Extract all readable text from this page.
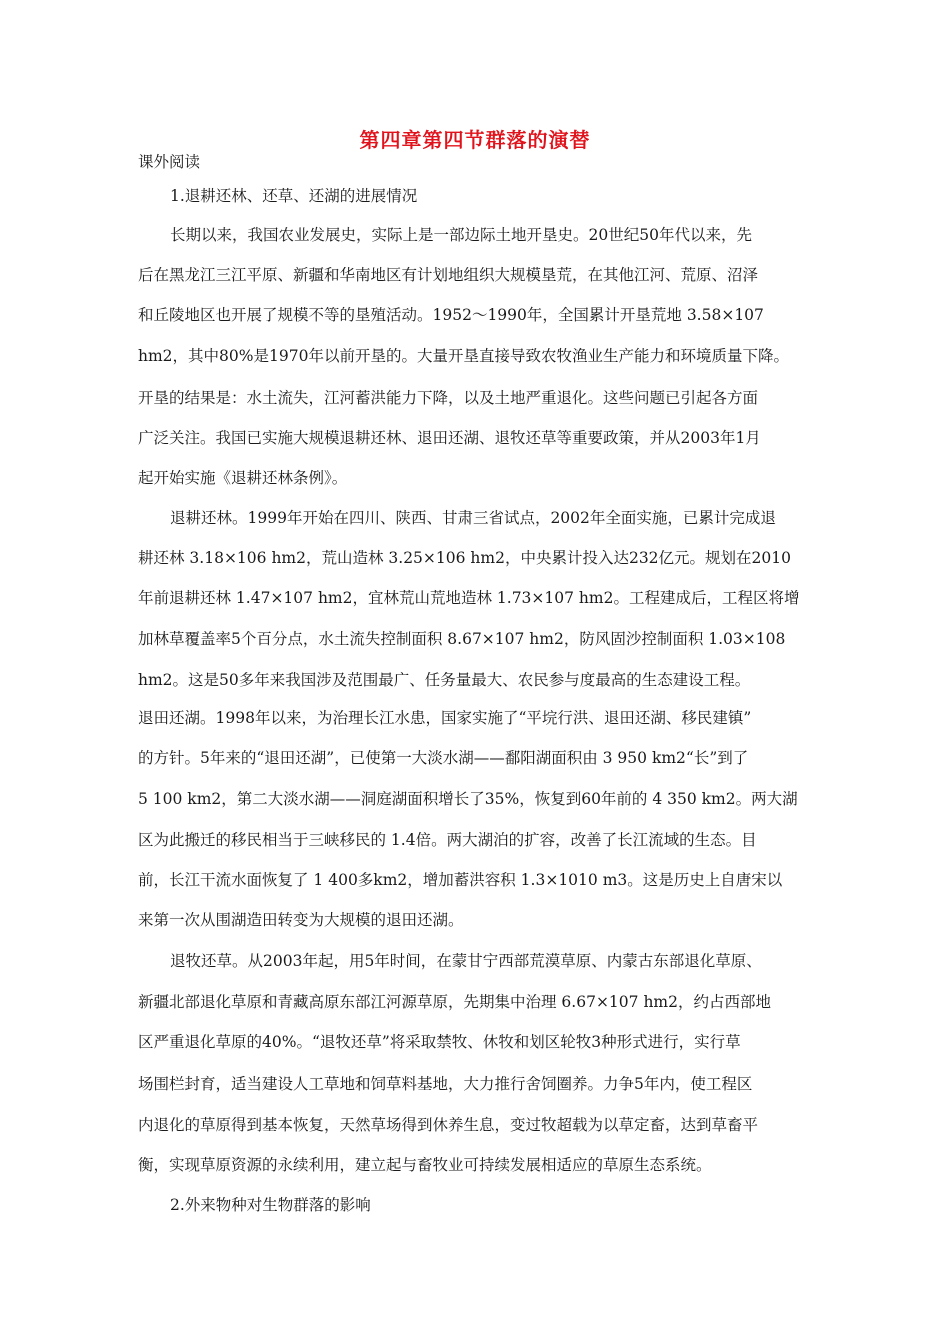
第四章第四节群落的演替
课外阅读
1.退耕还林、还草、还湖的进展情况
长期以来，我国农业发展史，实际上是一部边际土地开垦史。20世纪50年代以来，先
后在黑龙江三江平原、新疆和华南地区有计划地组织大规模垦荒，在其他江河、荒原、沼泽
和丘陵地区也开展了规模不等的垦殖活动。1952～1990年，全国累计开垦荒地 3.58×107
hm2，其中80%是1970年以前开垦的。大量开垦直接导致农牧渔业生产能力和环境质量下降。
开垦的结果是：水土流失，江河蓄洪能力下降，以及土地严重退化。这些问题已引起各方面
广泛关注。我国已实施大规模退耕还林、退田还湖、退牧还草等重要政策，并从2003年1月
起开始实施《退耕还林条例》。
退耕还林。1999年开始在四川、陕西、甘肃三省试点，2002年全面实施，已累计完成退
耕还林 3.18×106 hm2，荒山造林 3.25×106 hm2，中央累计投入达232亿元。规划在2010
年前退耕还林 1.47×107 hm2，宜林荒山荒地造林 1.73×107 hm2。工程建成后，工程区将增
加林草覆盖率5个百分点，水土流失控制面积 8.67×107 hm2，防风固沙控制面积 1.03×108
hm2。这是50多年来我国涉及范围最广、任务量最大、农民参与度最高的生态建设工程。
退田还湖。1998年以来，为治理长江水患，国家实施了“平垸行洪、退田还湖、移民建镇”
的方针。5年来的“退田还湖”，已使第一大淡水湖——鄱阳湖面积由 3 950 km2“长”到了
5 100 km2，第二大淡水湖——洞庭湖面积增长了35%，恢复到60年前的 4 350 km2。两大湖
区为此搬迁的移民相当于三峡移民的 1.4倍。两大湖泊的扩容，改善了长江流域的生态。目
前，长江干流水面恢复了 1 400多km2，增加蓄洪容积 1.3×1010 m3。这是历史上自唐宋以
来第一次从围湖造田转变为大规模的退田还湖。
退牧还草。从2003年起，用5年时间，在蒙甘宁西部荒漠草原、内蒙古东部退化草原、
新疆北部退化草原和青藏高原东部江河源草原，先期集中治理 6.67×107 hm2，约占西部地
区严重退化草原的40%。“退牧还草”将采取禁牧、休牧和划区轮牧3种形式进行，实行草
场围栏封育，适当建设人工草地和饲草料基地，大力推行舍饲圈养。力争5年内，使工程区
内退化的草原得到基本恢复，天然草场得到休养生息，变过牧超载为以草定畜，达到草畜平
衡，实现草原资源的永续利用，建立起与畜牧业可持续发展相适应的草原生态系统。
2.外来物种对生物群落的影响
